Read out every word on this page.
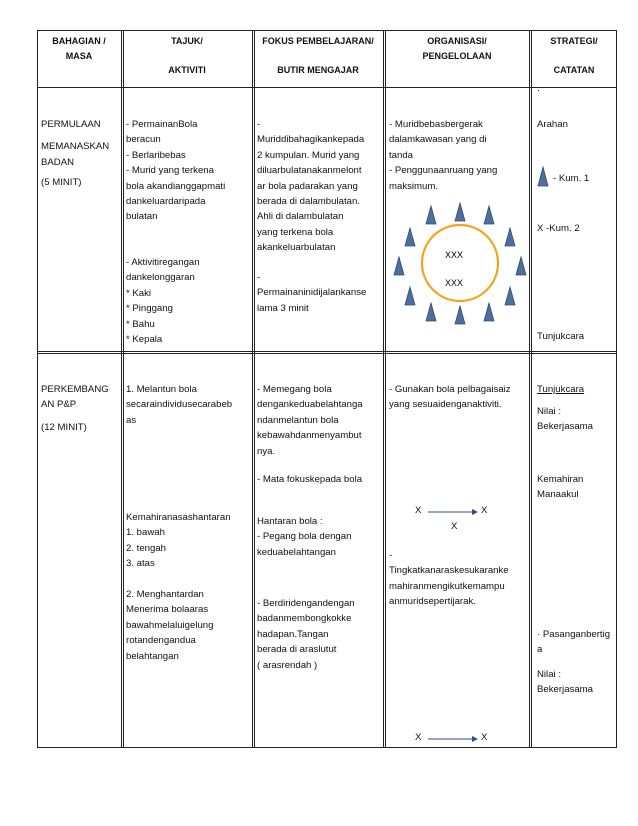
BAHAGIAN /
MASA
TAJUK/
AKTIVITI
FOKUS PEMBELAJARAN/
BUTIR MENGAJAR
ORGANISASI/
PENGELOLAAN
STRATEGI/
CATATAN
PERMULAAN
MEMANASKAN
BADAN
(5 MINIT)
- PermainanBola
beracun
- Berlaribebas
- Murid yang terkena
bola akandianggapmati
dankeluardaripada
bulatan
- Aktivitiregangan
dankelonggaran
* Kaki
* Pinggang
* Bahu
* Kepala
-
Muriddibahagikankepada
2 kumpulan. Murid yang
diluarbulatanakanmelont
ar bola padarakan yang
berada di dalambulatan.
Ahli di dalambulatan
yang terkena bola
akankeluarbulatan
-
Permainaninidijalankanse
lama 3 minit
- Muridbebasbergerak
dalamkawasan yang di
tanda
- Penggunaanruang yang
maksimum.
XXX
XXX
·
Arahan
- Kum. 1
X -Kum. 2
Tunjukcara
PERKEMBANG
AN P&P
(12 MINIT)
1. Melantun bola
secaraindividusecarabeb
as
Kemahiranasashantaran
1. bawah
2. tengah
3. atas
2. Menghantardan
Menerima bolaaras
bawahmelaluigelung
rotandengandua
belahtangan
- Memegang bola
dengankeduabelahtanga
ndanmelantun bola
kebawahdanmenyambut
nya.
- Mata fokuskepada bola
Hantaran bola :
- Pegang bola dengan
keduabelahtangan
- Berdiridengandengan
badanmembongkokke
hadapan.Tangan
berada di araslutut
( arasrendah )
- Gunakan bola pelbagaisaiz
yang sesuaidenganaktiviti.
X	X
X
-
Tingkatkanaraskesukaranke
mahiranmengikutkemampu
anmuridsepertijarak.
X	X
Tunjukcara
Nilai :
Bekerjasama
Kemahiran
Manaakul
· Pasanganbertig
a
Nilai :
Bekerjasama
